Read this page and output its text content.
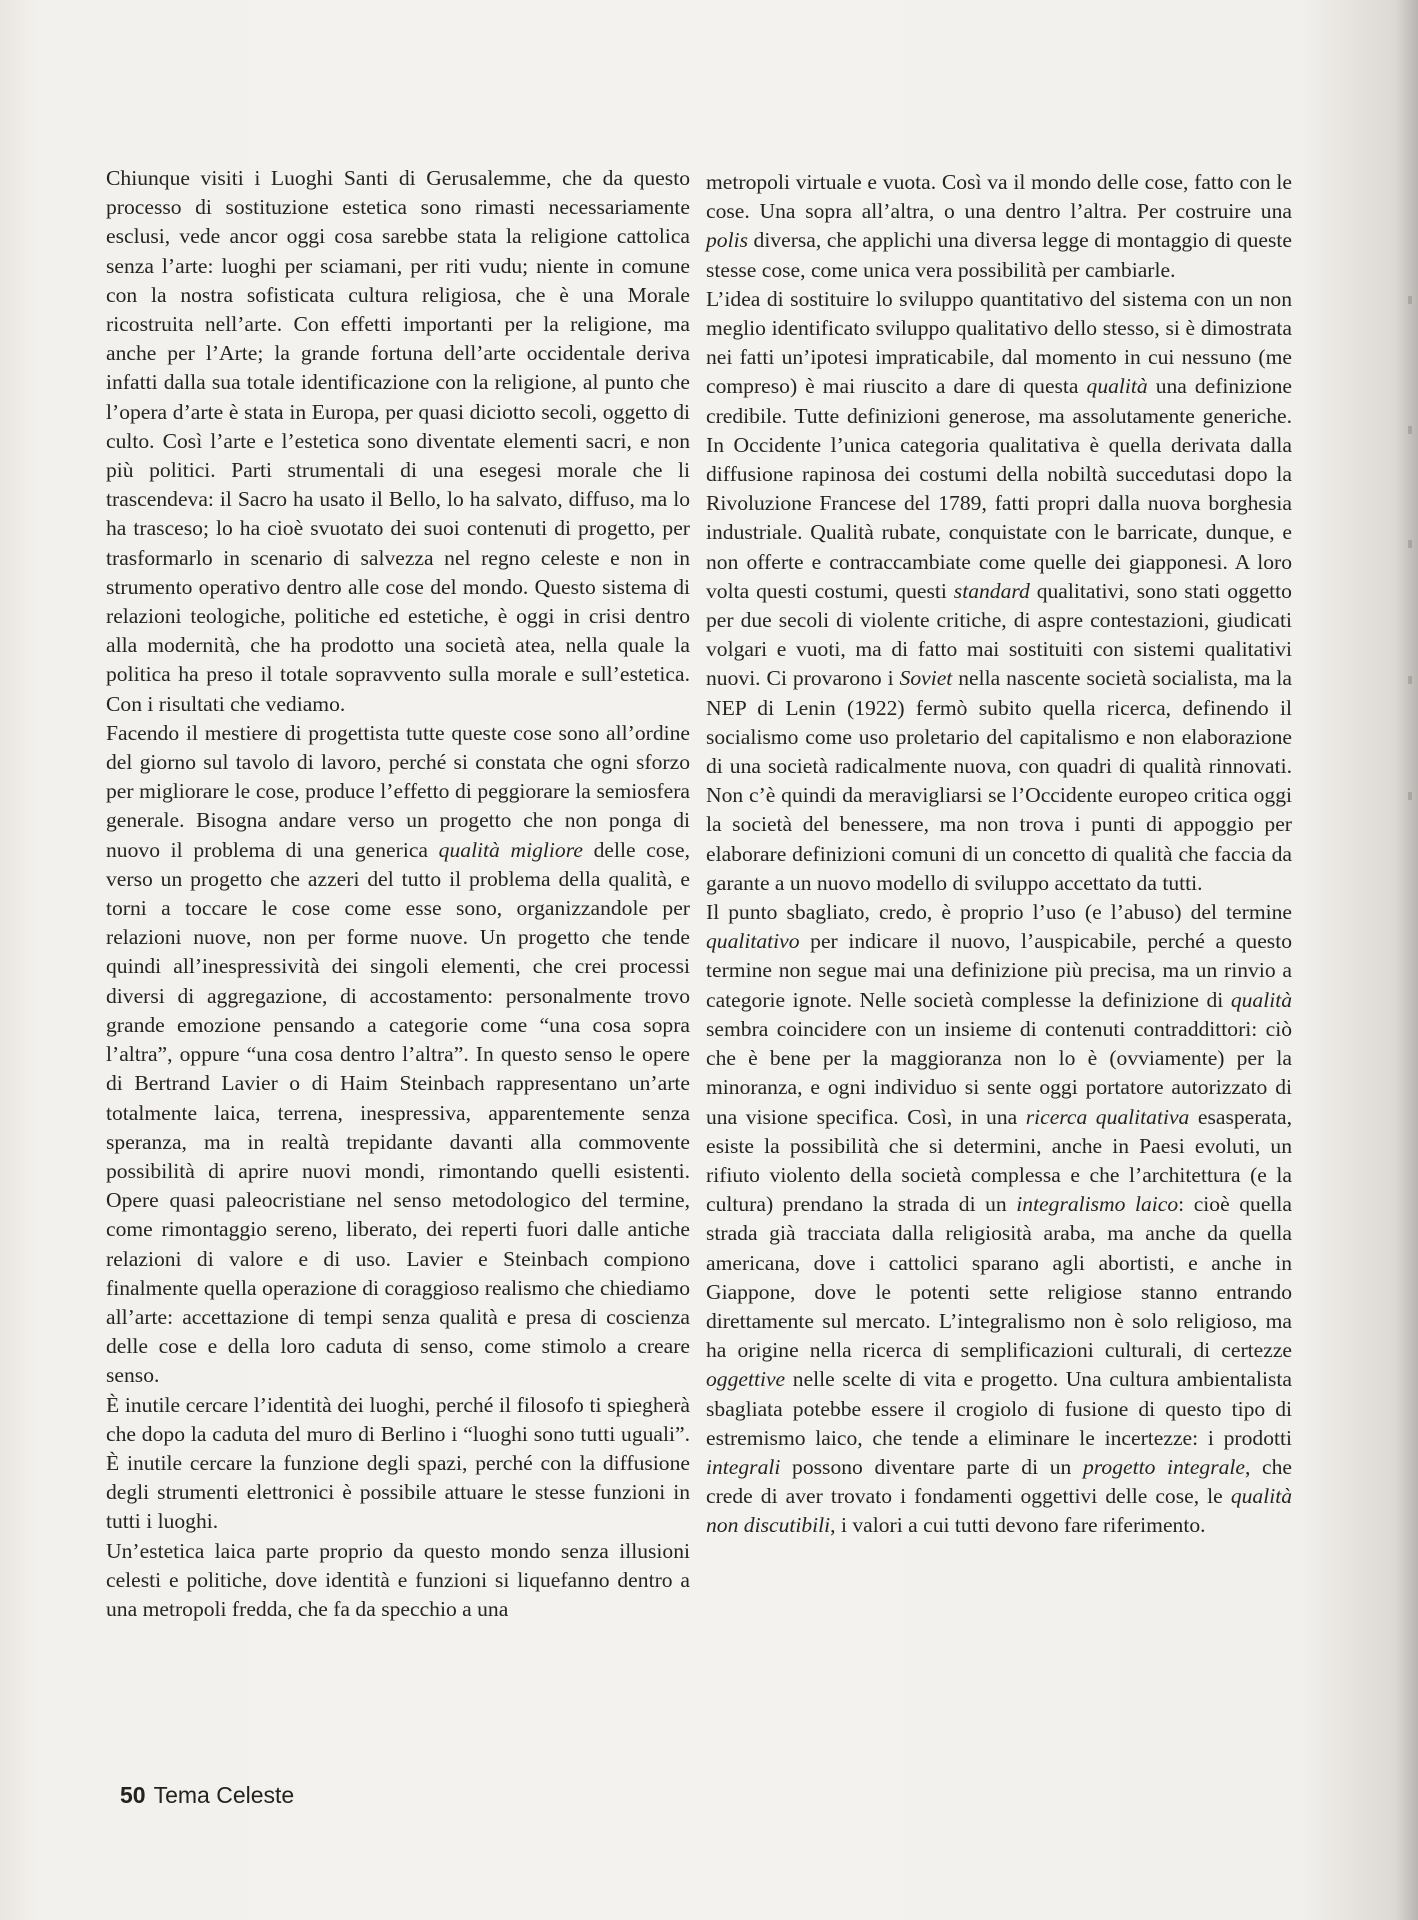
Chiunque visiti i Luoghi Santi di Gerusalemme, che da questo processo di sostituzione estetica sono rimasti necessariamente esclusi, vede ancor oggi cosa sarebbe stata la religione cattolica senza l’arte: luoghi per sciamani, per riti vudu; niente in comune con la nostra sofisticata cultura religiosa, che è una Morale ricostruita nell’arte. Con effetti importanti per la religione, ma anche per l’Arte; la grande fortuna dell’arte occidentale deriva infatti dalla sua totale identificazione con la religione, al punto che l’opera d’arte è stata in Europa, per quasi diciotto secoli, oggetto di culto. Così l’arte e l’estetica sono diventate elementi sacri, e non più politici. Parti strumentali di una esegesi morale che li trascendeva: il Sacro ha usato il Bello, lo ha salvato, diffuso, ma lo ha trasceso; lo ha cioè svuotato dei suoi contenuti di progetto, per trasformarlo in scenario di salvezza nel regno celeste e non in strumento operativo dentro alle cose del mondo. Questo sistema di relazioni teologiche, politiche ed estetiche, è oggi in crisi dentro alla modernità, che ha prodotto una società atea, nella quale la politica ha preso il totale sopravvento sulla morale e sull’estetica. Con i risultati che vediamo.

Facendo il mestiere di progettista tutte queste cose sono all’ordine del giorno sul tavolo di lavoro, perché si constata che ogni sforzo per migliorare le cose, produce l’effetto di peggiorare la semiosfera generale. Bisogna andare verso un progetto che non ponga di nuovo il problema di una generica qualità migliore delle cose, verso un progetto che azzeri del tutto il problema della qualità, e torni a toccare le cose come esse sono, organizzandole per relazioni nuove, non per forme nuove. Un progetto che tende quindi all’inespressività dei singoli elementi, che crei processi diversi di aggregazione, di accostamento: personalmente trovo grande emozione pensando a categorie come “una cosa sopra l’altra”, oppure “una cosa dentro l’altra”. In questo senso le opere di Bertrand Lavier o di Haim Steinbach rappresentano un’arte totalmente laica, terrena, inespressiva, apparentemente senza speranza, ma in realtà trepidante davanti alla commovente possibilità di aprire nuovi mondi, rimontando quelli esistenti. Opere quasi paleocristiane nel senso metodologico del termine, come rimontaggio sereno, liberato, dei reperti fuori dalle antiche relazioni di valore e di uso. Lavier e Steinbach compiono finalmente quella operazione di coraggioso realismo che chiediamo all’arte: accettazione di tempi senza qualità e presa di coscienza delle cose e della loro caduta di senso, come stimolo a creare senso.

È inutile cercare l’identità dei luoghi, perché il filosofo ti spiegherà che dopo la caduta del muro di Berlino i “luoghi sono tutti uguali”. È inutile cercare la funzione degli spazi, perché con la diffusione degli strumenti elettronici è possibile attuare le stesse funzioni in tutti i luoghi.

Un’estetica laica parte proprio da questo mondo senza illusioni celesti e politiche, dove identità e funzioni si liquefanno dentro a una metropoli fredda, che fa da specchio a una

metropoli virtuale e vuota. Così va il mondo delle cose, fatto con le cose. Una sopra all’altra, o una dentro l’altra. Per costruire una polis diversa, che applichi una diversa legge di montaggio di queste stesse cose, come unica vera possibilità per cambiarle.

L’idea di sostituire lo sviluppo quantitativo del sistema con un non meglio identificato sviluppo qualitativo dello stesso, si è dimostrata nei fatti un’ipotesi impraticabile, dal momento in cui nessuno (me compreso) è mai riuscito a dare di questa qualità una definizione credibile. Tutte definizioni generose, ma assolutamente generiche. In Occidente l’unica categoria qualitativa è quella derivata dalla diffusione rapinosa dei costumi della nobiltà succedutasi dopo la Rivoluzione Francese del 1789, fatti propri dalla nuova borghesia industriale. Qualità rubate, conquistate con le barricate, dunque, e non offerte e contraccambiate come quelle dei giapponesi. A loro volta questi costumi, questi standard qualitativi, sono stati oggetto per due secoli di violente critiche, di aspre contestazioni, giudicati volgari e vuoti, ma di fatto mai sostituiti con sistemi qualitativi nuovi. Ci provarono i Soviet nella nascente società socialista, ma la NEP di Lenin (1922) fermò subito quella ricerca, definendo il socialismo come uso proletario del capitalismo e non elaborazione di una società radicalmente nuova, con quadri di qualità rinnovati. Non c’è quindi da meravigliarsi se l’Occidente europeo critica oggi la società del benessere, ma non trova i punti di appoggio per elaborare definizioni comuni di un concetto di qualità che faccia da garante a un nuovo modello di sviluppo accettato da tutti.

Il punto sbagliato, credo, è proprio l’uso (e l’abuso) del termine qualitativo per indicare il nuovo, l’auspicabile, perché a questo termine non segue mai una definizione più precisa, ma un rinvio a categorie ignote. Nelle società complesse la definizione di qualità sembra coincidere con un insieme di contenuti contraddittori: ciò che è bene per la maggioranza non lo è (ovviamente) per la minoranza, e ogni individuo si sente oggi portatore autorizzato di una visione specifica. Così, in una ricerca qualitativa esasperata, esiste la possibilità che si determini, anche in Paesi evoluti, un rifiuto violento della società complessa e che l’architettura (e la cultura) prendano la strada di un integralismo laico: cioè quella strada già tracciata dalla religiosità araba, ma anche da quella americana, dove i cattolici sparano agli abortisti, e anche in Giappone, dove le potenti sette religiose stanno entrando direttamente sul mercato. L’integralismo non è solo religioso, ma ha origine nella ricerca di semplificazioni culturali, di certezze oggettive nelle scelte di vita e progetto. Una cultura ambientalista sbagliata potebbe essere il crogiolo di fusione di questo tipo di estremismo laico, che tende a eliminare le incertezze: i prodotti integrali possono diventare parte di un progetto integrale, che crede di aver trovato i fondamenti oggettivi delle cose, le qualità non discutibili, i valori a cui tutti devono fare riferimento.

50 Tema Celeste
